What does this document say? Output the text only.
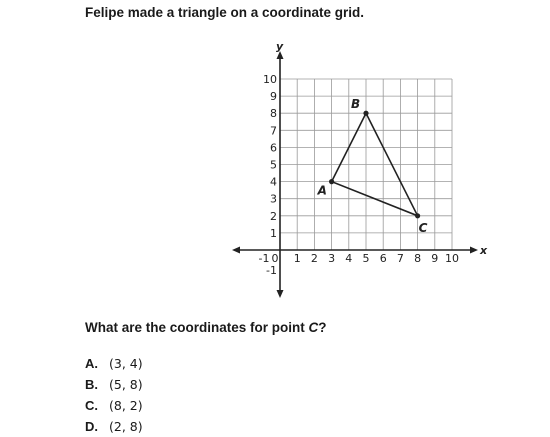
Felipe made a triangle on a coordinate grid.

x
y
-1 0 1 2 3 4 5 6 7 8 9 10
-1
1
2
3
4
5
6
7
8
9
10
A
B
C

What are the coordinates for point C?

A. (3, 4)
B. (5, 8)
C. (8, 2)
D. (2, 8)
